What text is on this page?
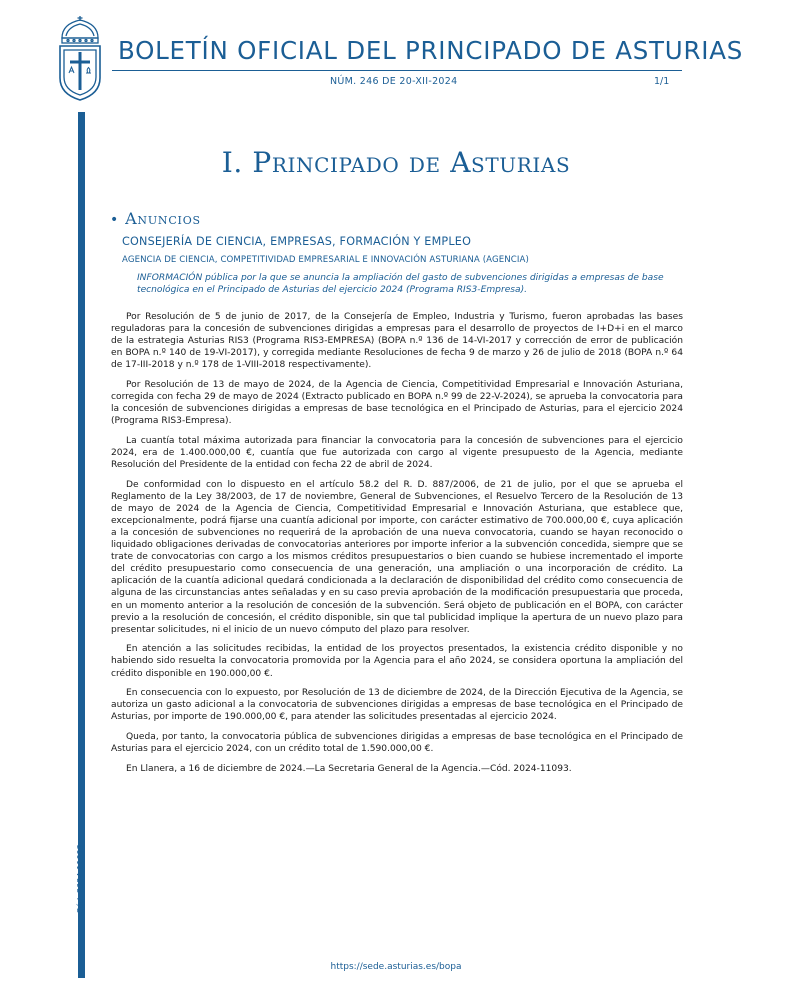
BOLETÍN OFICIAL DEL PRINCIPADO DE ASTURIAS
NÚM. 246 DE 20-XII-2024	1/1
Cód. 2024-11093
I. Principado de Asturias
• Anuncios
CONSEJERÍA DE CIENCIA, EMPRESAS, FORMACIÓN Y EMPLEO
AGENCIA DE CIENCIA, COMPETITIVIDAD EMPRESARIAL E INNOVACIÓN ASTURIANA (AGENCIA)
INFORMACIÓN pública por la que se anuncia la ampliación del gasto de subvenciones dirigidas a empresas de base tecnológica en el Principado de Asturias del ejercicio 2024 (Programa RIS3-Empresa).

Por Resolución de 5 de junio de 2017, de la Consejería de Empleo, Industria y Turismo, fueron aprobadas las bases reguladoras para la concesión de subvenciones dirigidas a empresas para el desarrollo de proyectos de I+D+i en el marco de la estrategia Asturias RIS3 (Programa RIS3-EMPRESA) (BOPA n.º 136 de 14-VI-2017 y corrección de error de publicación en BOPA n.º 140 de 19-VI-2017), y corregida mediante Resoluciones de fecha 9 de marzo y 26 de julio de 2018 (BOPA n.º 64 de 17-III-2018 y n.º 178 de 1-VIII-2018 respectivamente).

Por Resolución de 13 de mayo de 2024, de la Agencia de Ciencia, Competitividad Empresarial e Innovación Asturiana, corregida con fecha 29 de mayo de 2024 (Extracto publicado en BOPA n.º 99 de 22-V-2024), se aprueba la convocatoria para la concesión de subvenciones dirigidas a empresas de base tecnológica en el Principado de Asturias, para el ejercicio 2024 (Programa RIS3-Empresa).

La cuantía total máxima autorizada para financiar la convocatoria para la concesión de subvenciones para el ejercicio 2024, era de 1.400.000,00 €, cuantía que fue autorizada con cargo al vigente presupuesto de la Agencia, mediante Resolución del Presidente de la entidad con fecha 22 de abril de 2024.

De conformidad con lo dispuesto en el artículo 58.2 del R. D. 887/2006, de 21 de julio, por el que se aprueba el Reglamento de la Ley 38/2003, de 17 de noviembre, General de Subvenciones, el Resuelvo Tercero de la Resolución de 13 de mayo de 2024 de la Agencia de Ciencia, Competitividad Empresarial e Innovación Asturiana, que establece que, excepcionalmente, podrá fijarse una cuantía adicional por importe, con carácter estimativo de 700.000,00 €, cuya aplicación a la concesión de subvenciones no requerirá de la aprobación de una nueva convocatoria, cuando se hayan reconocido o liquidado obligaciones derivadas de convocatorias anteriores por importe inferior a la subvención concedida, siempre que se trate de convocatorias con cargo a los mismos créditos presupuestarios o bien cuando se hubiese incrementado el importe del crédito presupuestario como consecuencia de una generación, una ampliación o una incorporación de crédito. La aplicación de la cuantía adicional quedará condicionada a la declaración de disponibilidad del crédito como consecuencia de alguna de las circunstancias antes señaladas y en su caso previa aprobación de la modificación presupuestaria que proceda, en un momento anterior a la resolución de concesión de la subvención. Será objeto de publicación en el BOPA, con carácter previo a la resolución de concesión, el crédito disponible, sin que tal publicidad implique la apertura de un nuevo plazo para presentar solicitudes, ni el inicio de un nuevo cómputo del plazo para resolver.

En atención a las solicitudes recibidas, la entidad de los proyectos presentados, la existencia crédito disponible y no habiendo sido resuelta la convocatoria promovida por la Agencia para el año 2024, se considera oportuna la ampliación del crédito disponible en 190.000,00 €.

En consecuencia con lo expuesto, por Resolución de 13 de diciembre de 2024, de la Dirección Ejecutiva de la Agencia, se autoriza un gasto adicional a la convocatoria de subvenciones dirigidas a empresas de base tecnológica en el Principado de Asturias, por importe de 190.000,00 €, para atender las solicitudes presentadas al ejercicio 2024.

Queda, por tanto, la convocatoria pública de subvenciones dirigidas a empresas de base tecnológica en el Principado de Asturias para el ejercicio 2024, con un crédito total de 1.590.000,00 €.

En Llanera, a 16 de diciembre de 2024.—La Secretaria General de la Agencia.—Cód. 2024-11093.

https://sede.asturias.es/bopa
